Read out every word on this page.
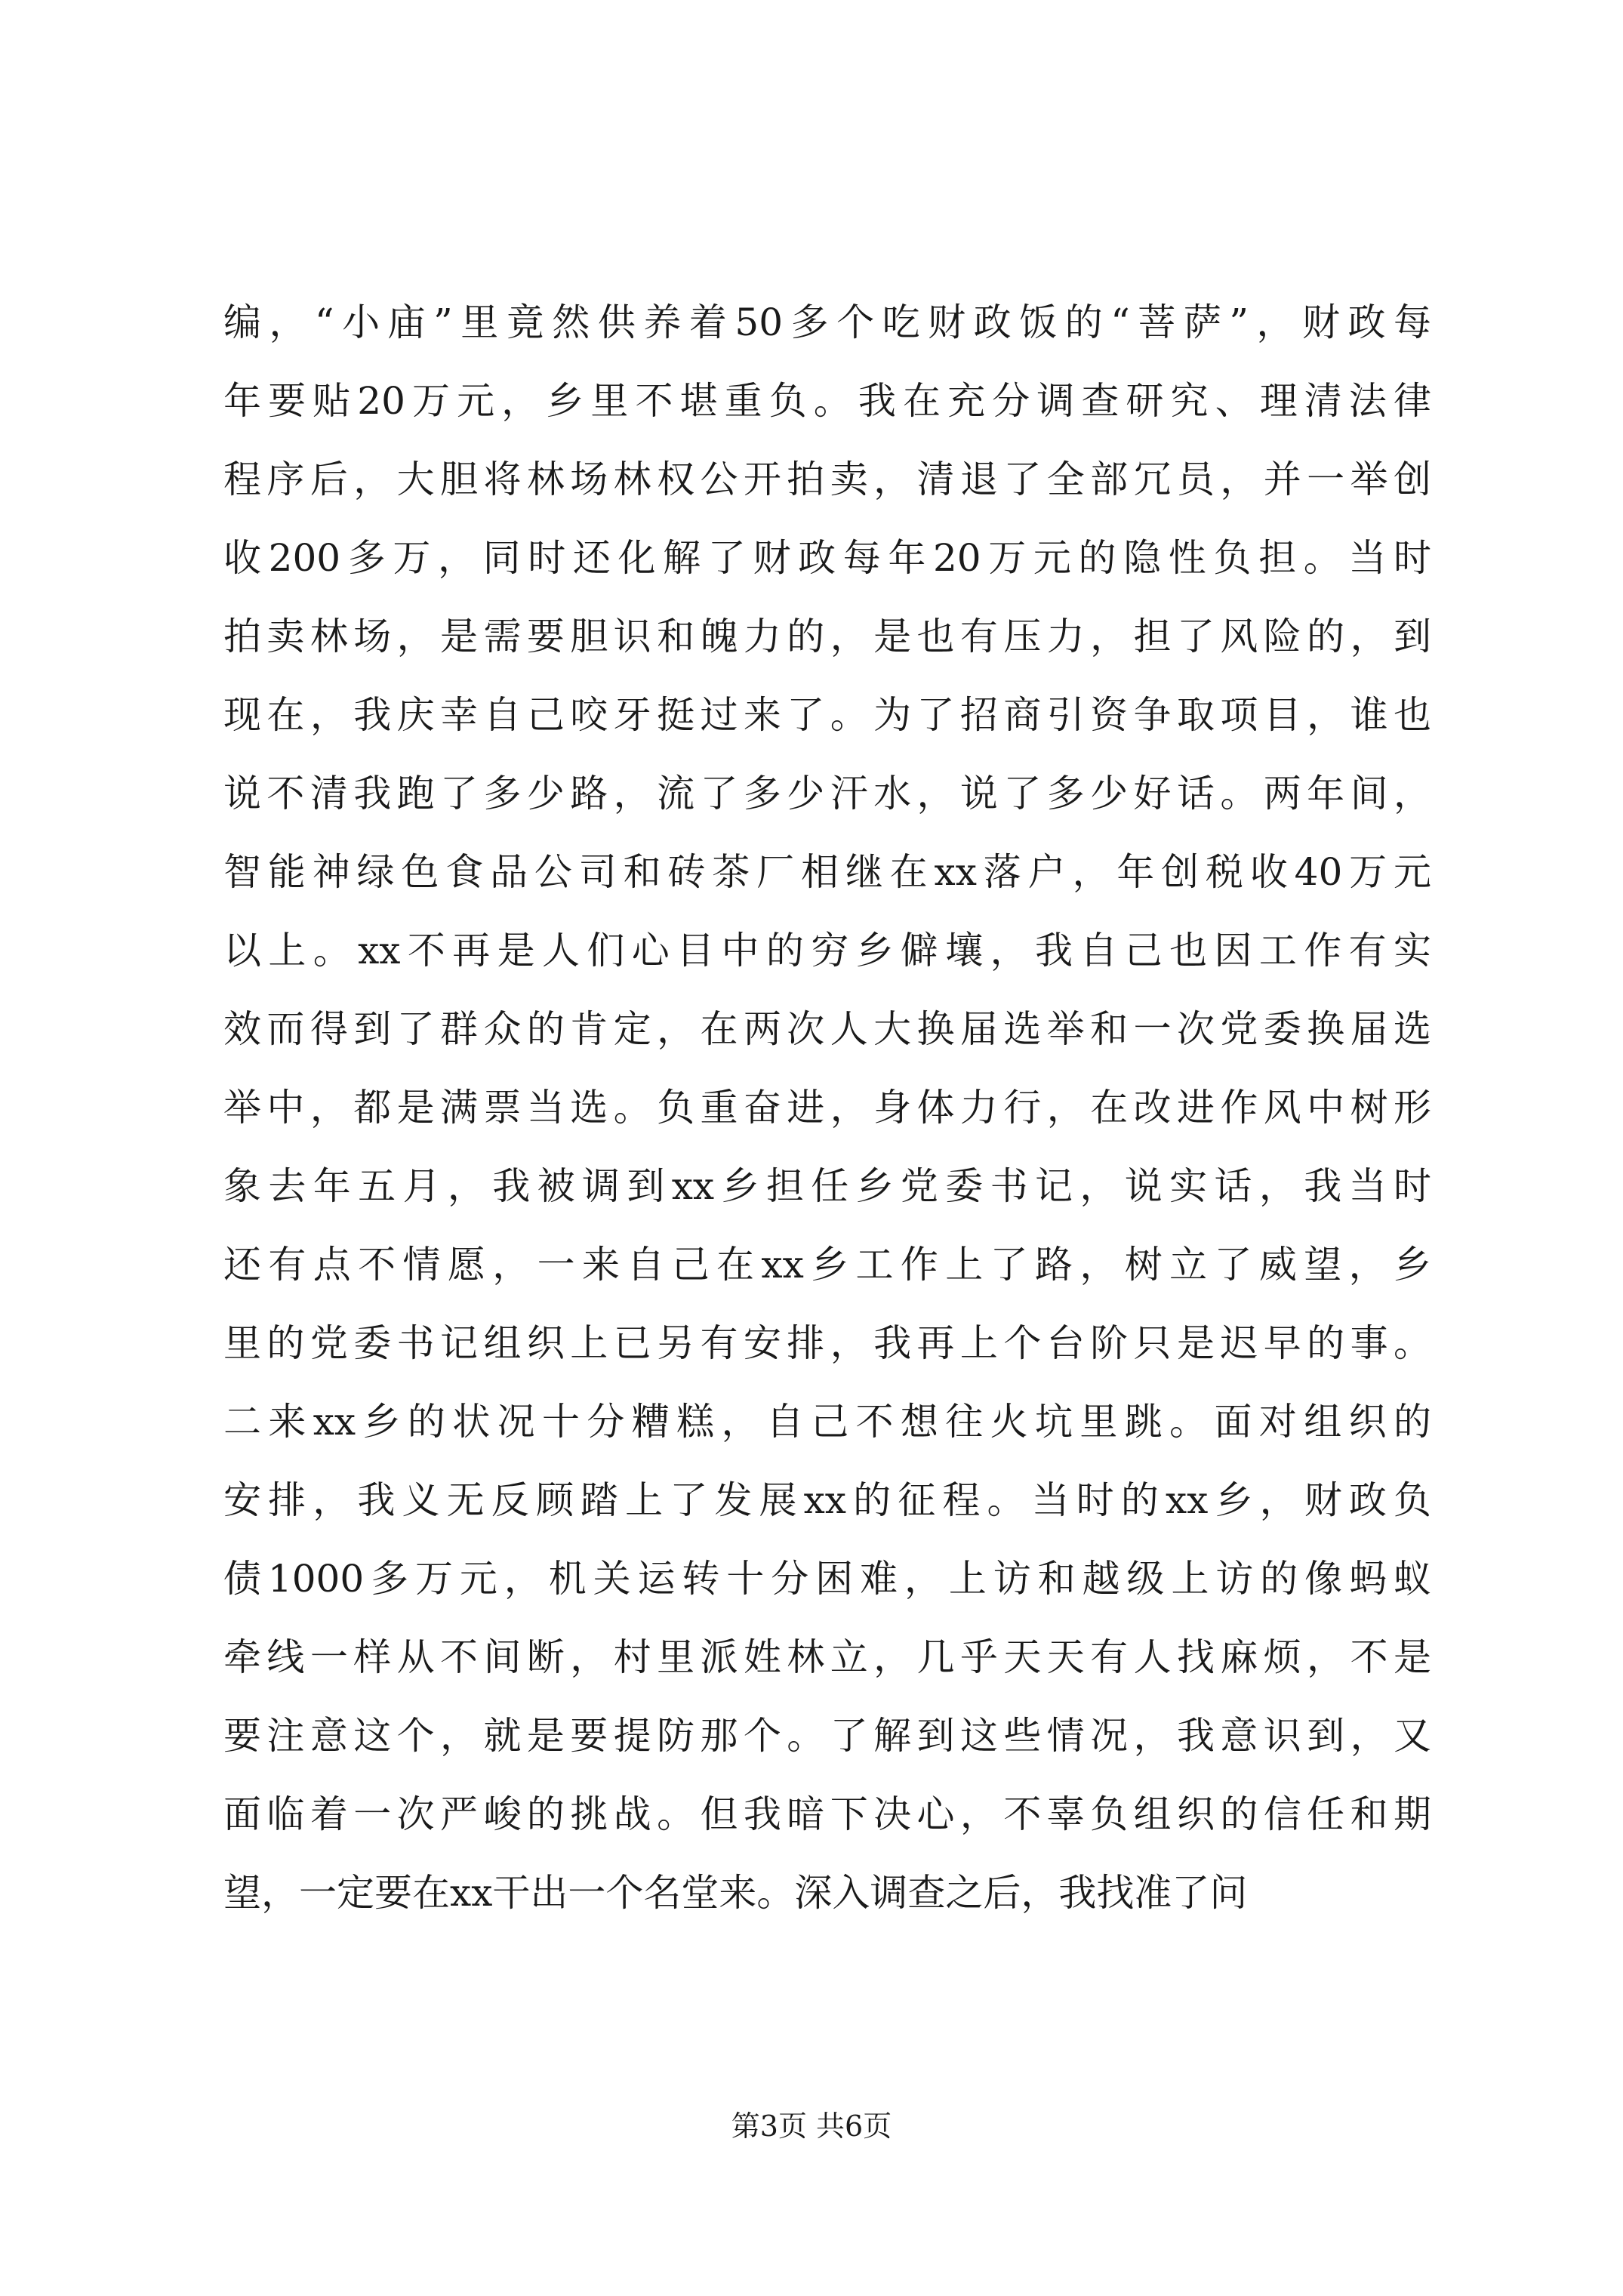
编，“小庙”里竟然供养着50多个吃财政饭的“菩萨”，财政每
年要贴20万元，乡里不堪重负。我在充分调查研究、理清法律
程序后，大胆将林场林权公开拍卖，清退了全部冗员，并一举创
收200多万，同时还化解了财政每年20万元的隐性负担。当时
拍卖林场，是需要胆识和魄力的，是也有压力，担了风险的，到
现在，我庆幸自己咬牙挺过来了。为了招商引资争取项目，谁也
说不清我跑了多少路，流了多少汗水，说了多少好话。两年间，
智能神绿色食品公司和砖茶厂相继在xx落户，年创税收40万元
以上。xx不再是人们心目中的穷乡僻壤，我自己也因工作有实
效而得到了群众的肯定，在两次人大换届选举和一次党委换届选
举中，都是满票当选。负重奋进，身体力行，在改进作风中树形
象去年五月，我被调到xx乡担任乡党委书记，说实话，我当时
还有点不情愿，一来自己在xx乡工作上了路，树立了威望，乡
里的党委书记组织上已另有安排，我再上个台阶只是迟早的事。
二来xx乡的状况十分糟糕，自己不想往火坑里跳。面对组织的
安排，我义无反顾踏上了发展xx的征程。当时的xx乡，财政负
债1000多万元，机关运转十分困难，上访和越级上访的像蚂蚁
牵线一样从不间断，村里派姓林立，几乎天天有人找麻烦，不是
要注意这个，就是要提防那个。了解到这些情况，我意识到，又
面临着一次严峻的挑战。但我暗下决心，不辜负组织的信任和期
望，一定要在xx干出一个名堂来。深入调查之后，我找准了问
第3页 共6页
